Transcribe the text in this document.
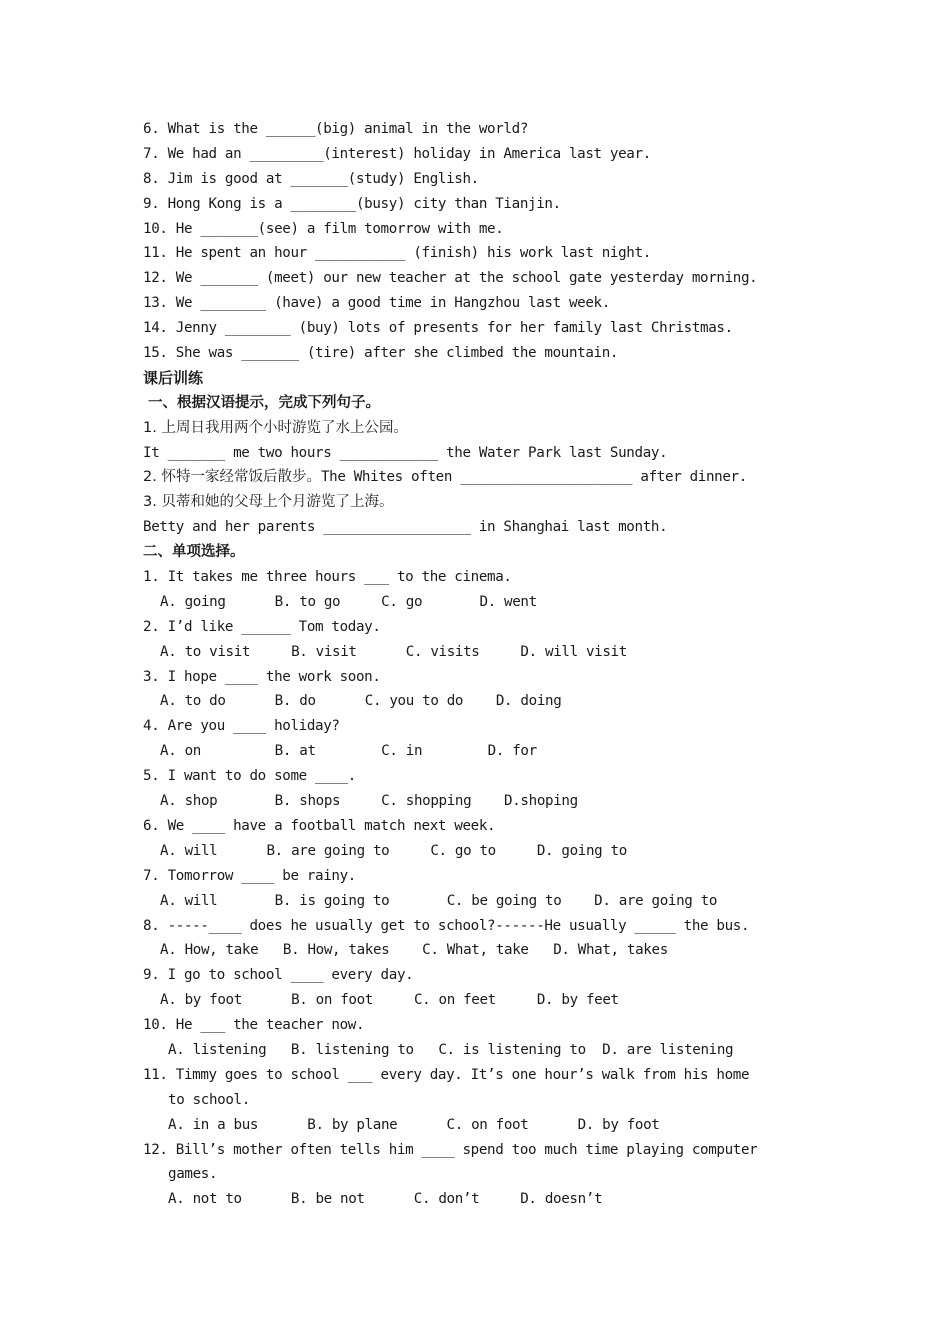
6. What is the ______(big) animal in the world?
7. We had an _________(interest) holiday in America last year.
8. Jim is good at _______(study) English.
9. Hong Kong is a ________(busy) city than Tianjin.
10. He _______(see) a film tomorrow with me.
11. He spent an hour ___________ (finish) his work last night.
12. We _______ (meet) our new teacher at the school gate yesterday morning.
13. We ________ (have) a good time in Hangzhou last week.
14. Jenny ________ (buy) lots of presents for her family last Christmas.
15. She was _______ (tire) after she climbed the mountain.
课后训练
一、根据汉语提示，完成下列句子。
1. 上周日我用两个小时游览了水上公园。
It _______ me two hours ____________ the Water Park last Sunday.
2. 怀特一家经常饭后散步。The Whites often _____________________ after dinner.
3. 贝蒂和她的父母上个月游览了上海。
Betty and her parents __________________ in Shanghai last month.
二、单项选择。
1. It takes me three hours ___ to the cinema.
A. going      B. to go     C. go       D. went
2. I’d like ______ Tom today.
A. to visit     B. visit      C. visits     D. will visit
3. I hope ____ the work soon.
A. to do      B. do      C. you to do    D. doing
4. Are you ____ holiday?
A. on         B. at        C. in        D. for
5. I want to do some ____.
A. shop       B. shops     C. shopping    D.shoping
6. We ____ have a football match next week.
A. will      B. are going to     C. go to     D. going to
7. Tomorrow ____ be rainy.
A. will       B. is going to       C. be going to    D. are going to
8. -----____ does he usually get to school?------He usually _____ the bus.
A. How, take   B. How, takes    C. What, take   D. What, takes
9. I go to school ____ every day.
A. by foot      B. on foot     C. on feet     D. by feet
10. He ___ the teacher now.
A. listening   B. listening to   C. is listening to  D. are listening
11. Timmy goes to school ___ every day. It’s one hour’s walk from his home
to school.
A. in a bus      B. by plane      C. on foot      D. by foot
12. Bill’s mother often tells him ____ spend too much time playing computer
games.
A. not to      B. be not      C. don’t     D. doesn’t
